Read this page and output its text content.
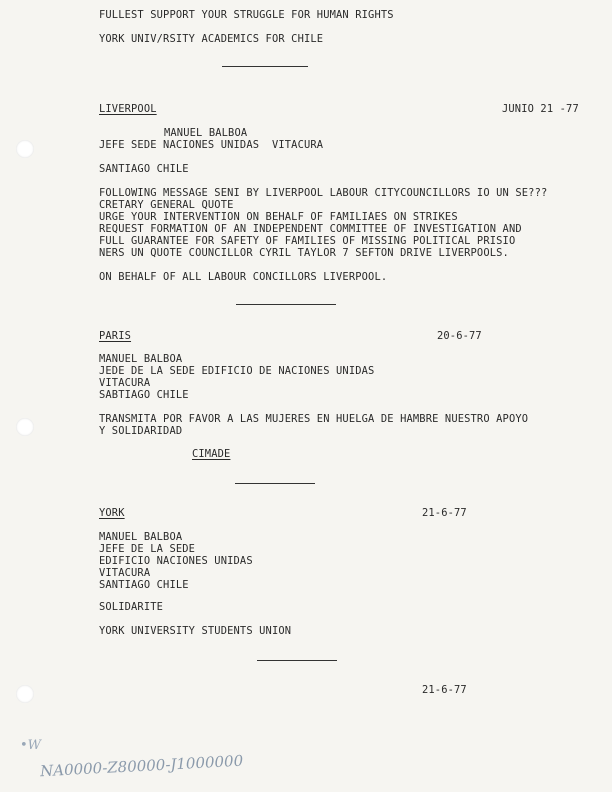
FULLEST SUPPORT YOUR STRUGGLE FOR HUMAN RIGHTS

YORK UNIV/RSITY ACADEMICS FOR CHILE

LIVERPOOL	JUNIO 21 -77

MANUEL BALBOA

JEFE SEDE NACIONES UNIDAS  VITACURA

SANTIAGO CHILE

FOLLOWING MESSAGE SENI BY LIVERPOOL LABOUR CITYCOUNCILLORS IO UN SE???

CRETARY GENERAL QUOTE

URGE YOUR INTERVENTION ON BEHALF OF FAMILIAES ON STRIKES

REQUEST FORMATION OF AN INDEPENDENT COMMITTEE OF INVESTIGATION AND

FULL GUARANTEE FOR SAFETY OF FAMILIES OF MISSING POLITICAL PRISIO

NERS UN QUOTE COUNCILLOR CYRIL TAYLOR 7 SEFTON DRIVE LIVERPOOLS.

ON BEHALF OF ALL LABOUR CONCILLORS LIVERPOOL.

PARIS	20-6-77

MANUEL BALBOA

JEDE DE LA SEDE EDIFICIO DE NACIONES UNIDAS

VITACURA

SABTIAGO CHILE

TRANSMITA POR FAVOR A LAS MUJERES EN HUELGA DE HAMBRE NUESTRO APOYO

Y SOLIDARIDAD

CIMADE

YORK	21-6-77

MANUEL BALBOA

JEFE DE LA SEDE

EDIFICIO NACIONES UNIDAS

VITACURA

SANTIAGO CHILE

SOLIDARITE

YORK UNIVERSITY STUDENTS UNION

21-6-77

•W
NA0000-Z80000-J1000000
